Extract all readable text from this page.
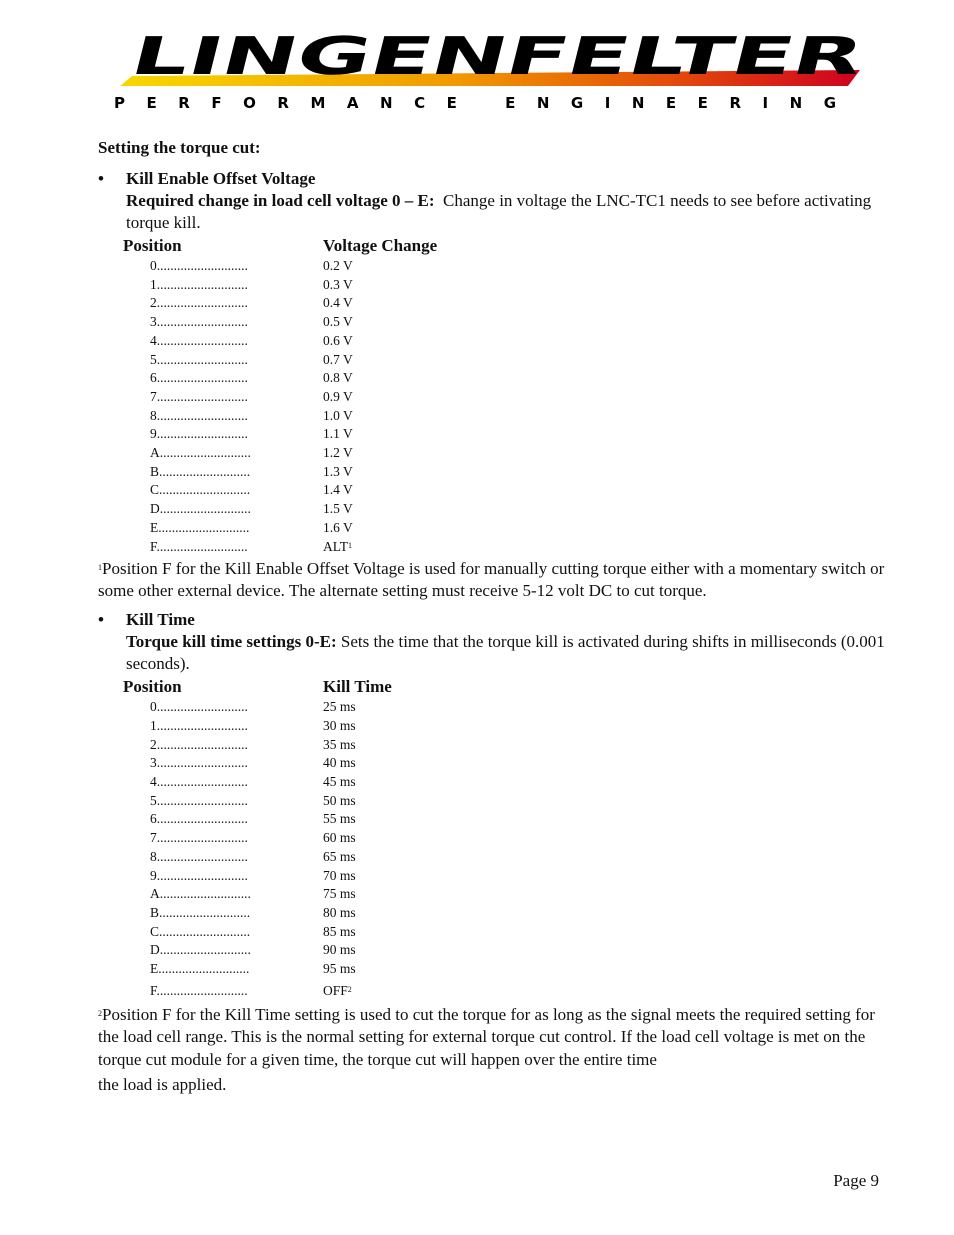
LINGENFELTER
P E R F O R M A N C E   E N G I N E E R I N G
Setting the torque cut:
• Kill Enable Offset Voltage
Required change in load cell voltage 0 – E:  Change in voltage the LNC-TC1 needs to see before activating torque kill.
Position	Voltage Change
0...........................	0.2 V
1...........................	0.3 V
2...........................	0.4 V
3...........................	0.5 V
4...........................	0.6 V
5...........................	0.7 V
6...........................	0.8 V
7...........................	0.9 V
8...........................	1.0 V
9...........................	1.1 V
A...........................	1.2 V
B...........................	1.3 V
C...........................	1.4 V
D...........................	1.5 V
E...........................	1.6 V
F...........................	ALT$^1$
$^1$Position F for the Kill Enable Offset Voltage is used for manually cutting torque either with a momentary switch or some other external device. The alternate setting must receive 5-12 volt DC to cut torque.
• Kill Time
Torque kill time settings 0-E: Sets the time that the torque kill is activated during shifts in milliseconds (0.001 seconds).
Position	Kill Time
0...........................	25 ms
1...........................	30 ms
2...........................	35 ms
3...........................	40 ms
4...........................	45 ms
5...........................	50 ms
6...........................	55 ms
7...........................	60 ms
8...........................	65 ms
9...........................	70 ms
A...........................	75 ms
B...........................	80 ms
C...........................	85 ms
D...........................	90 ms
E...........................	95 ms
F...........................	OFF$^2$
$^2$Position F for the Kill Time setting is used to cut the torque for as long as the signal meets the required setting for the load cell range. This is the normal setting for external torque cut control. If the load cell voltage is met on the torque cut module for a given time, the torque cut will happen over the entire time
the load is applied.
Page 9
